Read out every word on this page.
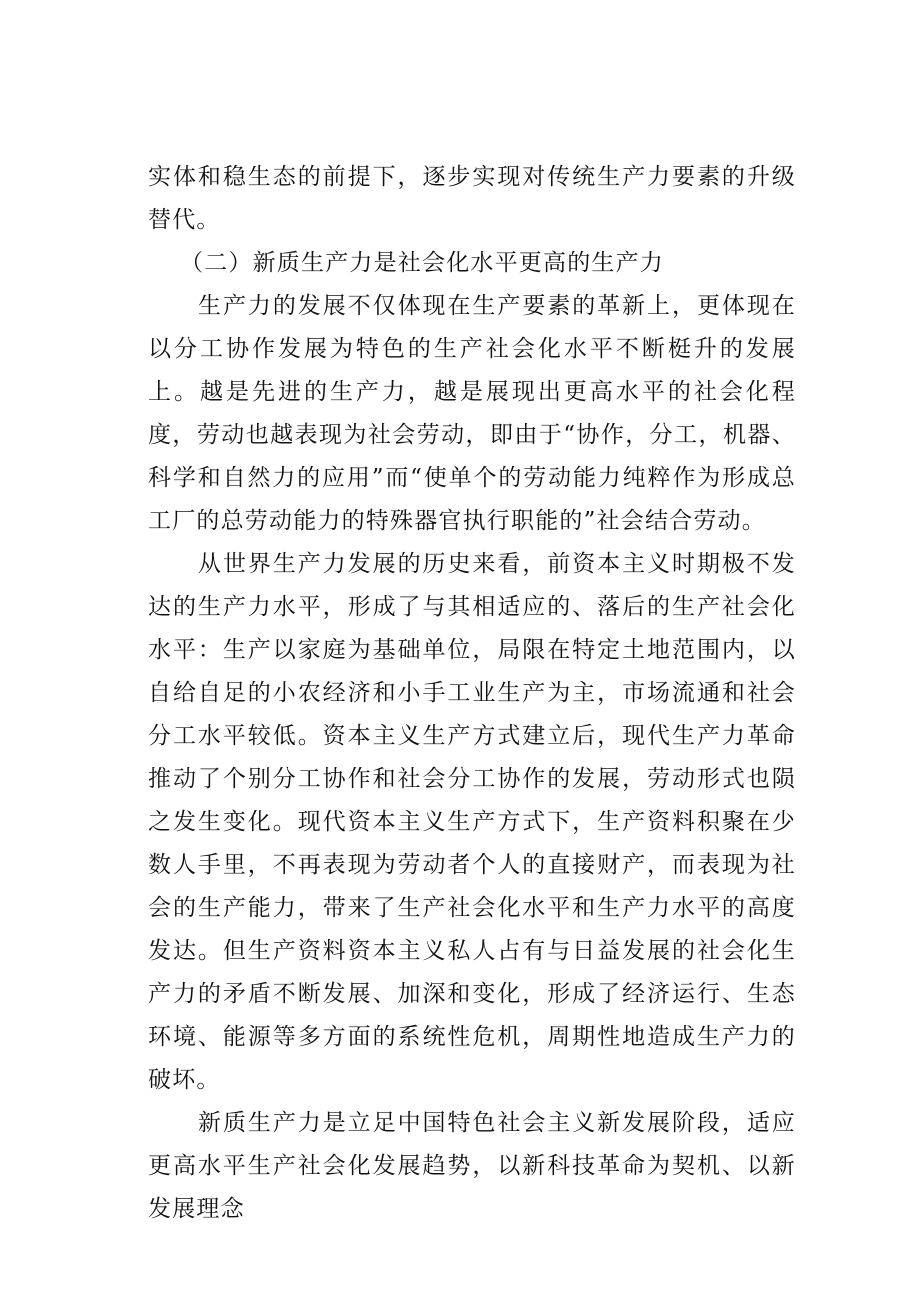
实体和稳生态的前提下，逐步实现对传统生产力要素的升级替代。

（二）新质生产力是社会化水平更高的生产力

生产力的发展不仅体现在生产要素的革新上，更体现在以分工协作发展为特色的生产社会化水平不断梃升的发展上。越是先进的生产力，越是展现出更高水平的社会化程度，劳动也越表现为社会劳动，即由于“协作，分工，机器、科学和自然力的应用”而“使单个的劳动能力纯粹作为形成总工厂的总劳动能力的特殊器官执行职能的”社会结合劳动。

从世界生产力发展的历史来看，前资本主义时期极不发达的生产力水平，形成了与其相适应的、落后的生产社会化水平：生产以家庭为基础单位，局限在特定土地范围内，以自给自足的小农经济和小手工业生产为主，市场流通和社会分工水平较低。资本主义生产方式建立后，现代生产力革命推动了个别分工协作和社会分工协作的发展，劳动形式也陨之发生变化。现代资本主义生产方式下，生产资料积聚在少数人手里，不再表现为劳动者个人的直接财产，而表现为社会的生产能力，带来了生产社会化水平和生产力水平的高度发达。但生产资料资本主义私人占有与日益发展的社会化生产力的矛盾不断发展、加深和变化，形成了经济运行、生态环境、能源等多方面的系统性危机，周期性地造成生产力的破坏。

新质生产力是立足中国特色社会主义新发展阶段，适应更高水平生产社会化发展趋势，以新科技革命为契机、以新发展理念
